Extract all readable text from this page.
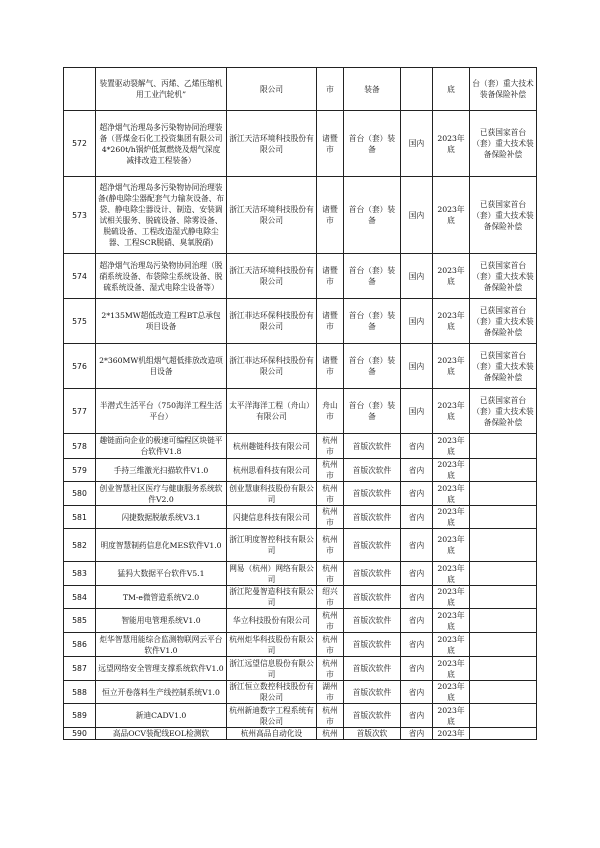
	装置驱动裂解气、丙烯、乙烯压缩机用工业汽轮机”	限公司	市	装备		底	台（套）重大技术装备保险补偿
572	超净烟气治理岛多污染物协同治理装备（晋煤金石化工投资集团有限公司4*260t/h锅炉低氮燃烧及烟气深度减排改造工程装备）	浙江天洁环境科技股份有限公司	诸暨市	首台（套）装备	国内	2023年底	已获国家首台（套）重大技术装备保险补偿
573	超净烟气治理岛多污染物协同治理装备(静电除尘器配套气力输灰设备、布袋、静电除尘器设计、制造、安装调试相关服务、脱硫设备、除雾设备、脱硫设备、工程改造湿式静电除尘器、工程SCR脱硝、臭氧脱硝)	浙江天洁环境科技股份有限公司	诸暨市	首台（套）装备	国内	2023年底	已获国家首台（套）重大技术装备保险补偿
574	超净烟气治理岛污染物协同治理（脱硝系统设备、布袋除尘系统设备、脱硫系统设备、湿式电除尘设备等）	浙江天洁环境科技股份有限公司	诸暨市	首台（套）装备	国内	2023年底	已获国家首台（套）重大技术装备保险补偿
575	2*135MW超低改造工程BT总承包项目设备	浙江菲达环保科技股份有限公司	诸暨市	首台（套）装备	国内	2023年底	已获国家首台（套）重大技术装备保险补偿
576	2*360MW机组烟气超低排放改造项目设备	浙江菲达环保科技股份有限公司	诸暨市	首台（套）装备	国内	2023年底	已获国家首台（套）重大技术装备保险补偿
577	半潜式生活平台（750海洋工程生活平台）	太平洋海洋工程（舟山）有限公司	舟山市	首台（套）装备	国内	2023年底	已获国家首台（套）重大技术装备保险补偿
578	趣链面向企业的极速可编程区块链平台软件V1.8	杭州趣链科技有限公司	杭州市	首版次软件	省内	2023年底	
579	手持三维激光扫描软件V1.0	杭州思看科技有限公司	杭州市	首版次软件	省内	2023年底	
580	创业智慧社区医疗与健康服务系统软件V2.0	创业慧康科技股份有限公司	杭州市	首版次软件	省内	2023年底	
581	闪捷数据脱敏系统V3.1	闪捷信息科技有限公司	杭州市	首版次软件	省内	2023年底	
582	明度智慧制药信息化MES软件V1.0	浙江明度智控科技有限公司	杭州市	首版次软件	省内	2023年底	
583	猛犸大数据平台软件V5.1	网易（杭州）网络有限公司	杭州市	首版次软件	省内	2023年底	
584	TM-e微管造系统V2.0	浙江陀曼智造科技有限公司	绍兴市	首版次软件	省内	2023年底	
585	智能用电管理系统V1.0	华立科技股份有限公司	杭州市	首版次软件	省内	2023年底	
586	炬华智慧用能综合监测物联网云平台软件V1.0	杭州炬华科技股份有限公司	杭州市	首版次软件	省内	2023年底	
587	远望网络安全管理支撑系统软件V1.0	浙江远望信息股份有限公司	杭州市	首版次软件	省内	2023年底	
588	恒立开卷落料生产线控制系统V1.0	浙江恒立数控科技股份有限公司	湖州市	首版次软件	省内	2023年底	
589	新迪CADV1.0	杭州新迪数字工程系统有限公司	杭州市	首版次软件	省内	2023年底	
590	高品OCV装配线EOL检测软	杭州高品自动化设	杭州	首版次软	省内	2023年	
